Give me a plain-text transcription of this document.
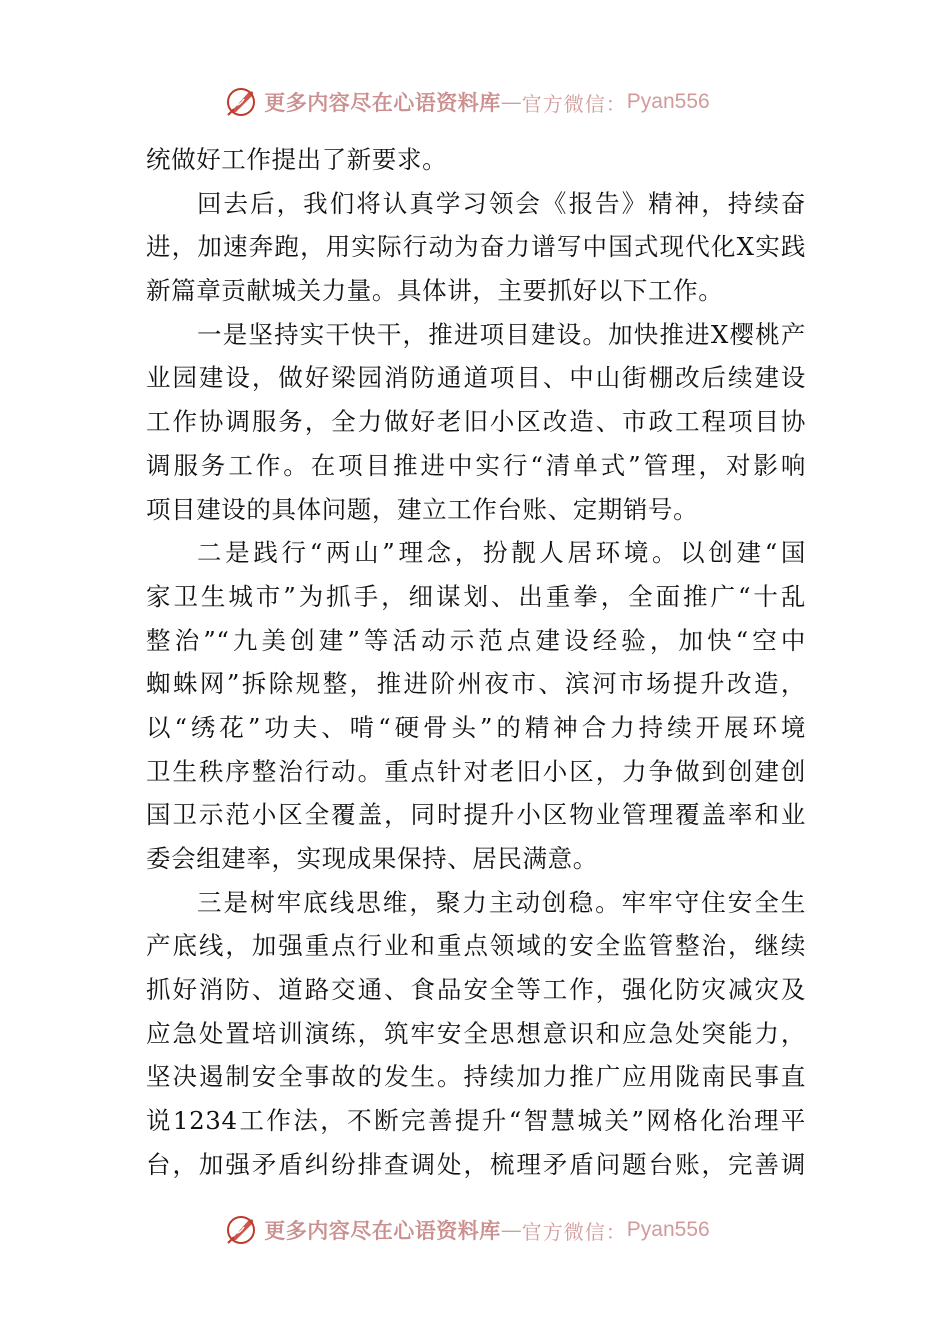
更多内容尽在心语资料库 — 官方微信： Pyan556
统做好工作提出了新要求。
回去后，我们将认真学习领会《报告》精神，持续奋
进，加速奔跑，用实际行动为奋力谱写中国式现代化X实践
新篇章贡献城关力量。具体讲，主要抓好以下工作。
一是坚持实干快干，推进项目建设。加快推进X樱桃产
业园建设，做好梁园消防通道项目、中山街棚改后续建设
工作协调服务，全力做好老旧小区改造、市政工程项目协
调服务工作。在项目推进中实行“清单式”管理，对影响
项目建设的具体问题，建立工作台账、定期销号。
二是践行“两山”理念，扮靓人居环境。以创建“国
家卫生城市”为抓手，细谋划、出重拳，全面推广“十乱
整治”“九美创建”等活动示范点建设经验，加快“空中
蜘蛛网”拆除规整，推进阶州夜市、滨河市场提升改造，
以“绣花”功夫、啃“硬骨头”的精神合力持续开展环境
卫生秩序整治行动。重点针对老旧小区，力争做到创建创
国卫示范小区全覆盖，同时提升小区物业管理覆盖率和业
委会组建率，实现成果保持、居民满意。
三是树牢底线思维，聚力主动创稳。牢牢守住安全生
产底线，加强重点行业和重点领域的安全监管整治，继续
抓好消防、道路交通、食品安全等工作，强化防灾减灾及
应急处置培训演练，筑牢安全思想意识和应急处突能力，
坚决遏制安全事故的发生。持续加力推广应用陇南民事直
说1234工作法，不断完善提升“智慧城关”网格化治理平
台，加强矛盾纠纷排查调处，梳理矛盾问题台账，完善调
更多内容尽在心语资料库 — 官方微信： Pyan556
